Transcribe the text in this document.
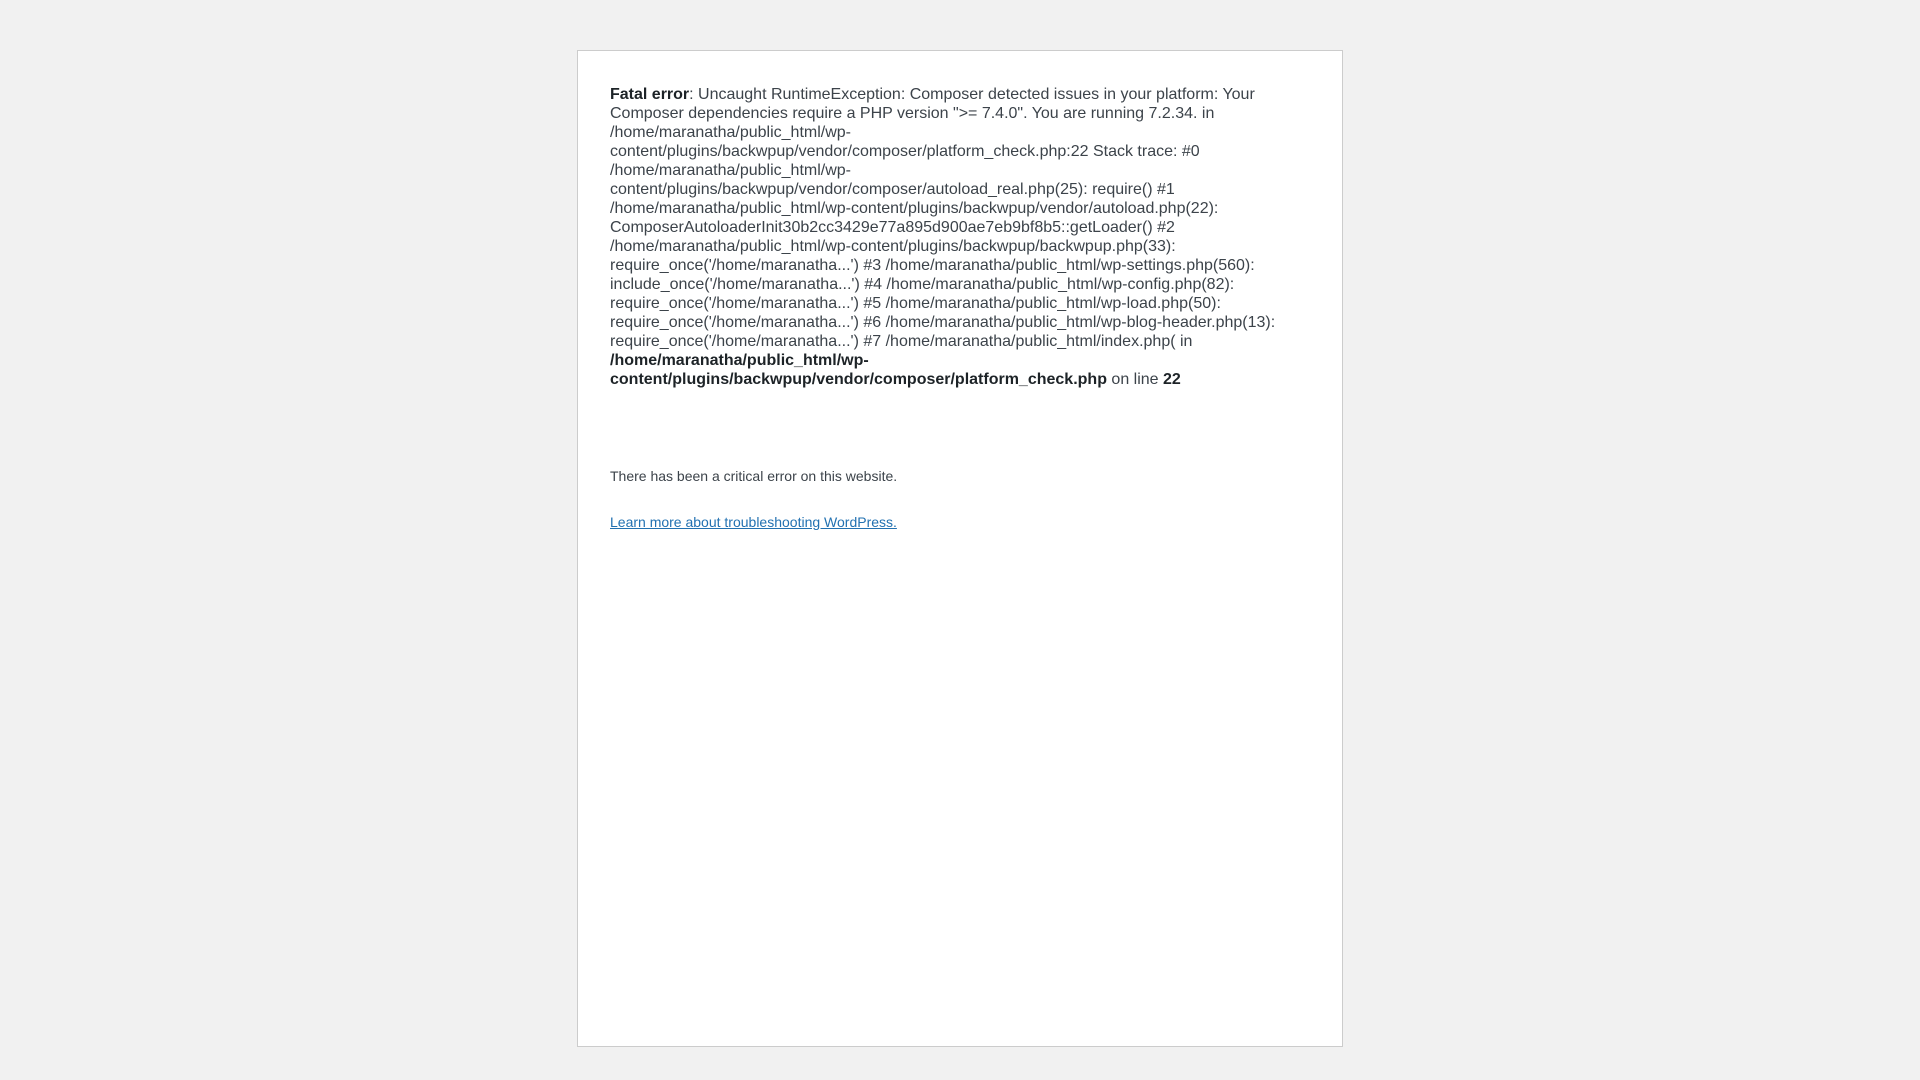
Fatal error: Uncaught RuntimeException: Composer detected issues in your platform: Your Composer dependencies require a PHP version ">= 7.4.0". You are running 7.2.34. in /home/maranatha/public_html/wp-content/plugins/backwpup/vendor/composer/platform_check.php:22 Stack trace: #0 /home/maranatha/public_html/wp-content/plugins/backwpup/vendor/composer/autoload_real.php(25): require() #1 /home/maranatha/public_html/wp-content/plugins/backwpup/vendor/autoload.php(22): ComposerAutoloaderInit30b2cc3429e77a895d900ae7eb9bf8b5::getLoader() #2 /home/maranatha/public_html/wp-content/plugins/backwpup/backwpup.php(33): require_once('/home/maranatha...') #3 /home/maranatha/public_html/wp-settings.php(560): include_once('/home/maranatha...') #4 /home/maranatha/public_html/wp-config.php(82): require_once('/home/maranatha...') #5 /home/maranatha/public_html/wp-load.php(50): require_once('/home/maranatha...') #6 /home/maranatha/public_html/wp-blog-header.php(13): require_once('/home/maranatha...') #7 /home/maranatha/public_html/index.php( in /home/maranatha/public_html/wp-content/plugins/backwpup/vendor/composer/platform_check.php on line 22

There has been a critical error on this website.

Learn more about troubleshooting WordPress.
